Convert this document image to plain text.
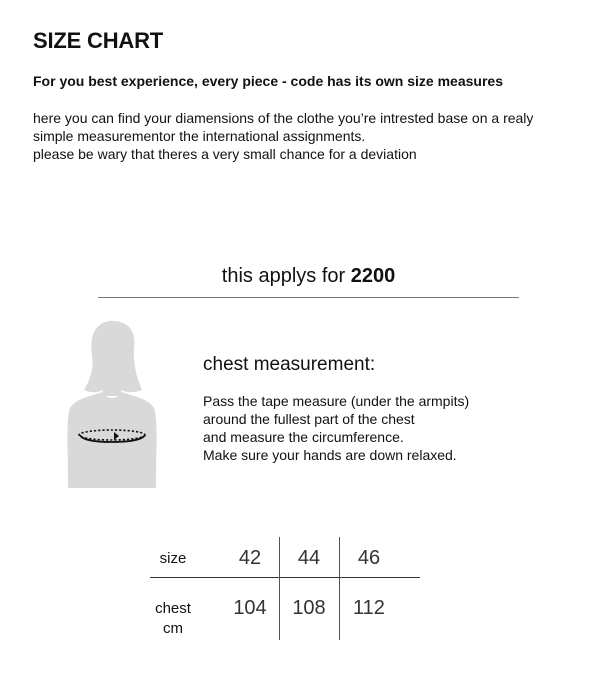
SIZE CHART
For you best experience, every piece - code has its own size measures
here you can find your diamensions of the clothe you’re intrested base on a realy
simple measurementor the international assignments.
please be wary that theres a very small chance for a deviation
this applys for 2200
chest measurement:
Pass the tape measure (under the armpits)
around the fullest part of the chest
and measure the circumference.
Make sure your hands are down relaxed.
size	42	44	46
chest
cm
104 108	112
